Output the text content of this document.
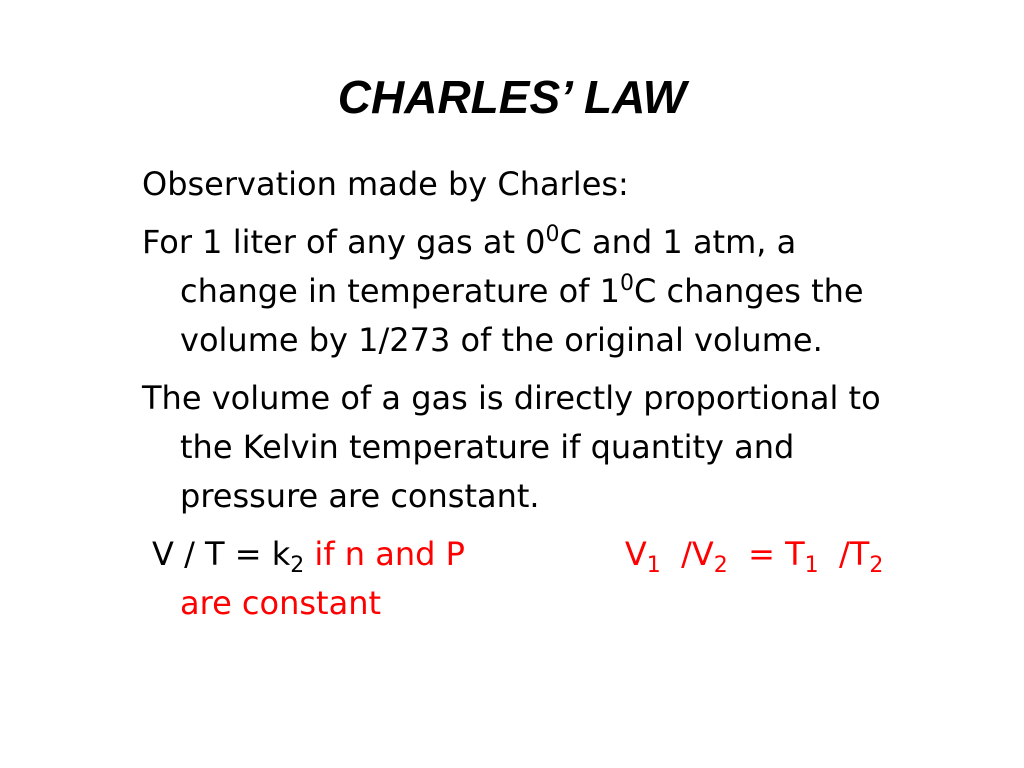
CHARLES’ LAW

Observation made by Charles:

For 1 liter of any gas at $0^0C$ and 1 atm, a
change in temperature of $1^0C$ changes the
volume by 1/273 of the original volume.

The volume of a gas is directly proportional to
the Kelvin temperature if quantity and
pressure are constant.

$V / T = k_2$ if n and P	$V_1$ $/V_2 = T_1$ $/T_2$
are constant
